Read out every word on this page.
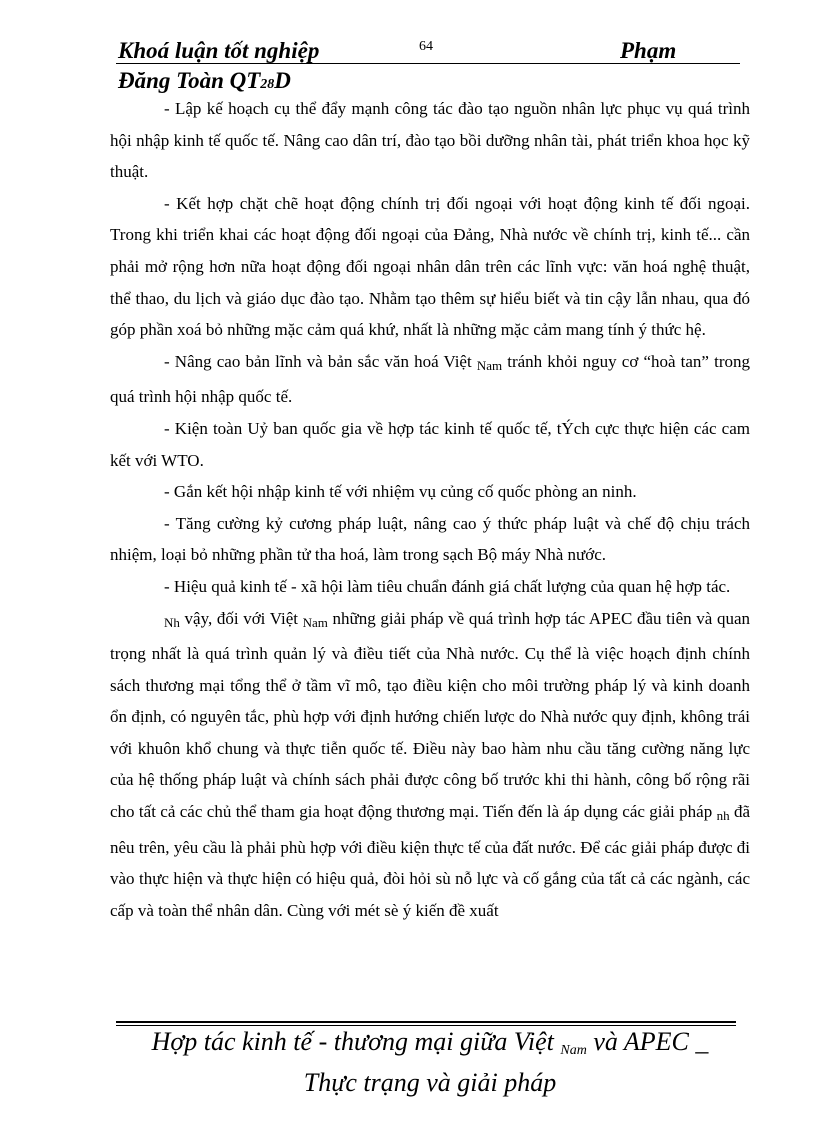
Khoá luận tốt nghiệp	64	Phạm
Đăng Toàn QT28D

- Lập kế hoạch cụ thể đẩy mạnh công tác đào tạo nguồn nhân lực phục vụ quá trình hội nhập kinh tế quốc tế. Nâng cao dân trí, đào tạo bồi dưỡng nhân tài, phát triển khoa học kỹ thuật.

- Kết hợp chặt chẽ hoạt động chính trị đối ngoại với hoạt động kinh tế đối ngoại. Trong khi triển khai các hoạt động đối ngoại của Đảng, Nhà nước về chính trị, kinh tế... cần phải mở rộng hơn nữa hoạt động đối ngoại nhân dân trên các lĩnh vực: văn hoá nghệ thuật, thể thao, du lịch và giáo dục đào tạo. Nhằm tạo thêm sự hiểu biết và tin cậy lẫn nhau, qua đó góp phần xoá bỏ những mặc cảm quá khứ, nhất là những mặc cảm mang tính ý thức hệ.

- Nâng cao bản lĩnh và bản sắc văn hoá Việt Nam tránh khỏi nguy cơ “hoà tan” trong quá trình hội nhập quốc tế.

- Kiện toàn Uỷ ban quốc gia về hợp tác kinh tế quốc tế, tÝch cực thực hiện các cam kết với WTO.

- Gắn kết hội nhập kinh tế với nhiệm vụ củng cố quốc phòng an ninh.

- Tăng cường kỷ cương pháp luật, nâng cao ý thức pháp luật và chế độ chịu trách nhiệm, loại bỏ những phần tử tha hoá, làm trong sạch Bộ máy Nhà nước.

- Hiệu quả kinh tế - xã hội làm tiêu chuẩn đánh giá chất lượng của quan hệ hợp tác.

Nh vậy, đối với Việt Nam những giải pháp về quá trình hợp tác APEC đầu tiên và quan trọng nhất là quá trình quản lý và điều tiết của Nhà nước. Cụ thể là việc hoạch định chính sách thương mại tổng thể ở tầm vĩ mô, tạo điều kiện cho môi trường pháp lý và kinh doanh ổn định, có nguyên tắc, phù hợp với định hướng chiến lược do Nhà nước quy định, không trái với khuôn khổ chung và thực tiễn quốc tế. Điều này bao hàm nhu cầu tăng cường năng lực của hệ thống pháp luật và chính sách phải được công bố trước khi thi hành, công bố rộng rãi cho tất cả các chủ thể tham gia hoạt động thương mại. Tiến đến là áp dụng các giải pháp nh đã nêu trên, yêu cầu là phải phù hợp với điều kiện thực tế của đất nước. Để các giải pháp được đi vào thực hiện và thực hiện có hiệu quả, đòi hỏi sù nỗ lực và cố gắng của tất cả các ngành, các cấp và toàn thể nhân dân. Cùng với mét sè ý kiến đề xuất

Hợp tác kinh tế - thương mại giữa Việt Nam và APEC _
Thực trạng và giải pháp
